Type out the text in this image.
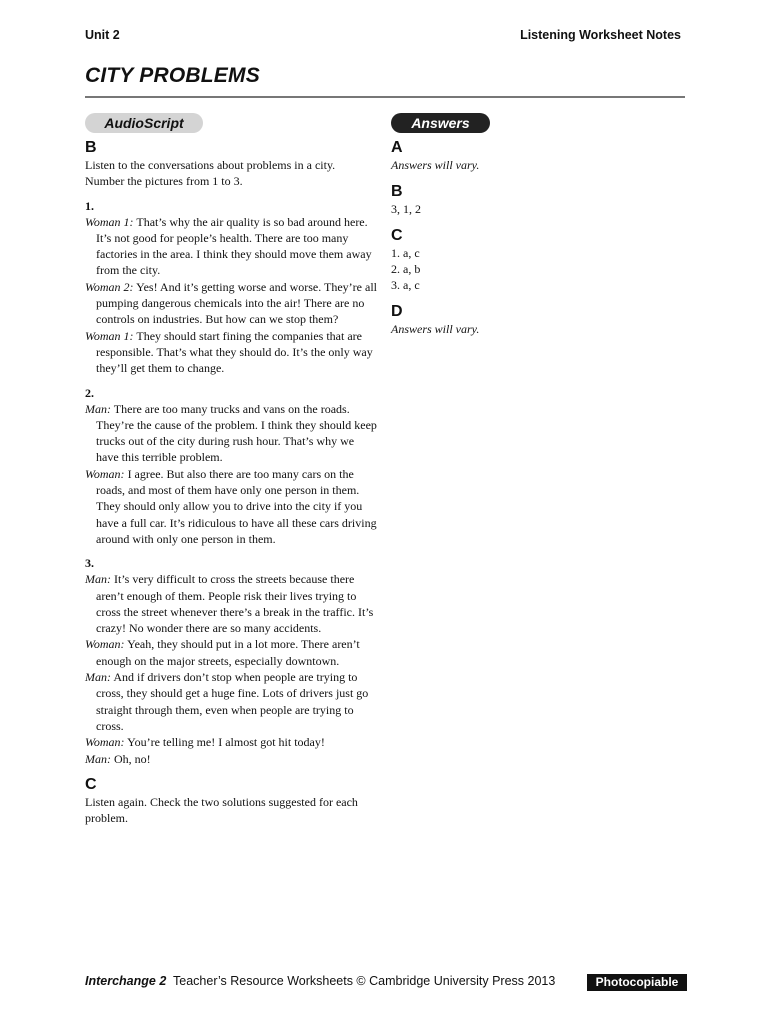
Unit 2	Listening Worksheet Notes
CITY PROBLEMS
AudioScript
B
Listen to the conversations about problems in a city. Number the pictures from 1 to 3.
1.
Woman 1: That’s why the air quality is so bad around here. It’s not good for people’s health. There are too many factories in the area. I think they should move them away from the city.
Woman 2: Yes! And it’s getting worse and worse. They’re all pumping dangerous chemicals into the air! There are no controls on industries. But how can we stop them?
Woman 1: They should start fining the companies that are responsible. That’s what they should do. It’s the only way they’ll get them to change.
2.
Man: There are too many trucks and vans on the roads. They’re the cause of the problem. I think they should keep trucks out of the city during rush hour. That’s why we have this terrible problem.
Woman: I agree. But also there are too many cars on the roads, and most of them have only one person in them. They should only allow you to drive into the city if you have a full car. It’s ridiculous to have all these cars driving around with only one person in them.
3.
Man: It’s very difficult to cross the streets because there aren’t enough of them. People risk their lives trying to cross the street whenever there’s a break in the traffic. It’s crazy! No wonder there are so many accidents.
Woman: Yeah, they should put in a lot more. There aren’t enough on the major streets, especially downtown.
Man: And if drivers don’t stop when people are trying to cross, they should get a huge fine. Lots of drivers just go straight through them, even when people are trying to cross.
Woman: You’re telling me! I almost got hit today!
Man: Oh, no!
C
Listen again. Check the two solutions suggested for each problem.
Answers
A
Answers will vary.
B
3, 1, 2
C
1. a, c
2. a, b
3. a, c
D
Answers will vary.
Interchange 2 Teacher’s Resource Worksheets © Cambridge University Press 2013	Photocopiable
